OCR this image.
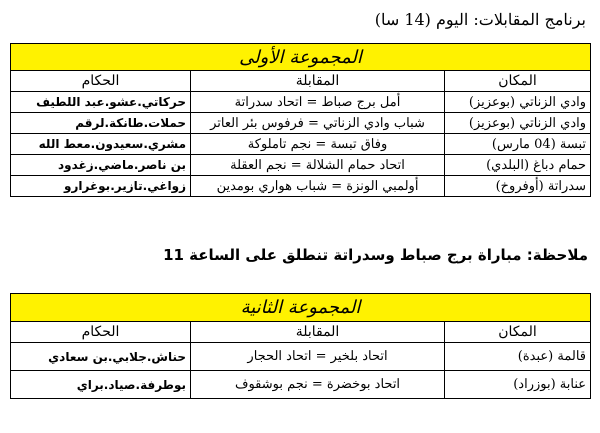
برنامج المقابلات: اليوم (14 سا)
المجموعة الأولى		
المكان	المقابلة	الحكام
وادي الزناتي (بوعزيز)	أمل برج صباط = اتحاد سدراتة	حركاتي.عشو.عبد اللطيف
وادي الزناتي (بوعزيز)	شباب وادي الزناتي = فرفوس بئر العاتر	حملات.طانكة.لرقم
تبسة (04 مارس)	وفاق تبسة = نجم تاملوكة	مشري.سعيدون.معط الله
حمام دباغ (البلدي)	اتحاد حمام الشلالة = نجم العقلة	بن ناصر.ماضي.زغدود
سدراتة (أوفروخ)	أولمبي الونزة = شباب هواري بومدين	زواغي.تازير.بوغرارو
ملاحظة: مباراة برج صباط وسدراتة تنطلق على الساعة 11
المجموعة الثانية		
المكان	المقابلة	الحكام
قالمة (عبدة)	اتحاد بلخير = اتحاد الحجار	حناش.جلابي.بن سعادي
عنابة (بوزراد)	اتحاد بوخضرة = نجم بوشقوف	بوطرفة.صياد.براي
